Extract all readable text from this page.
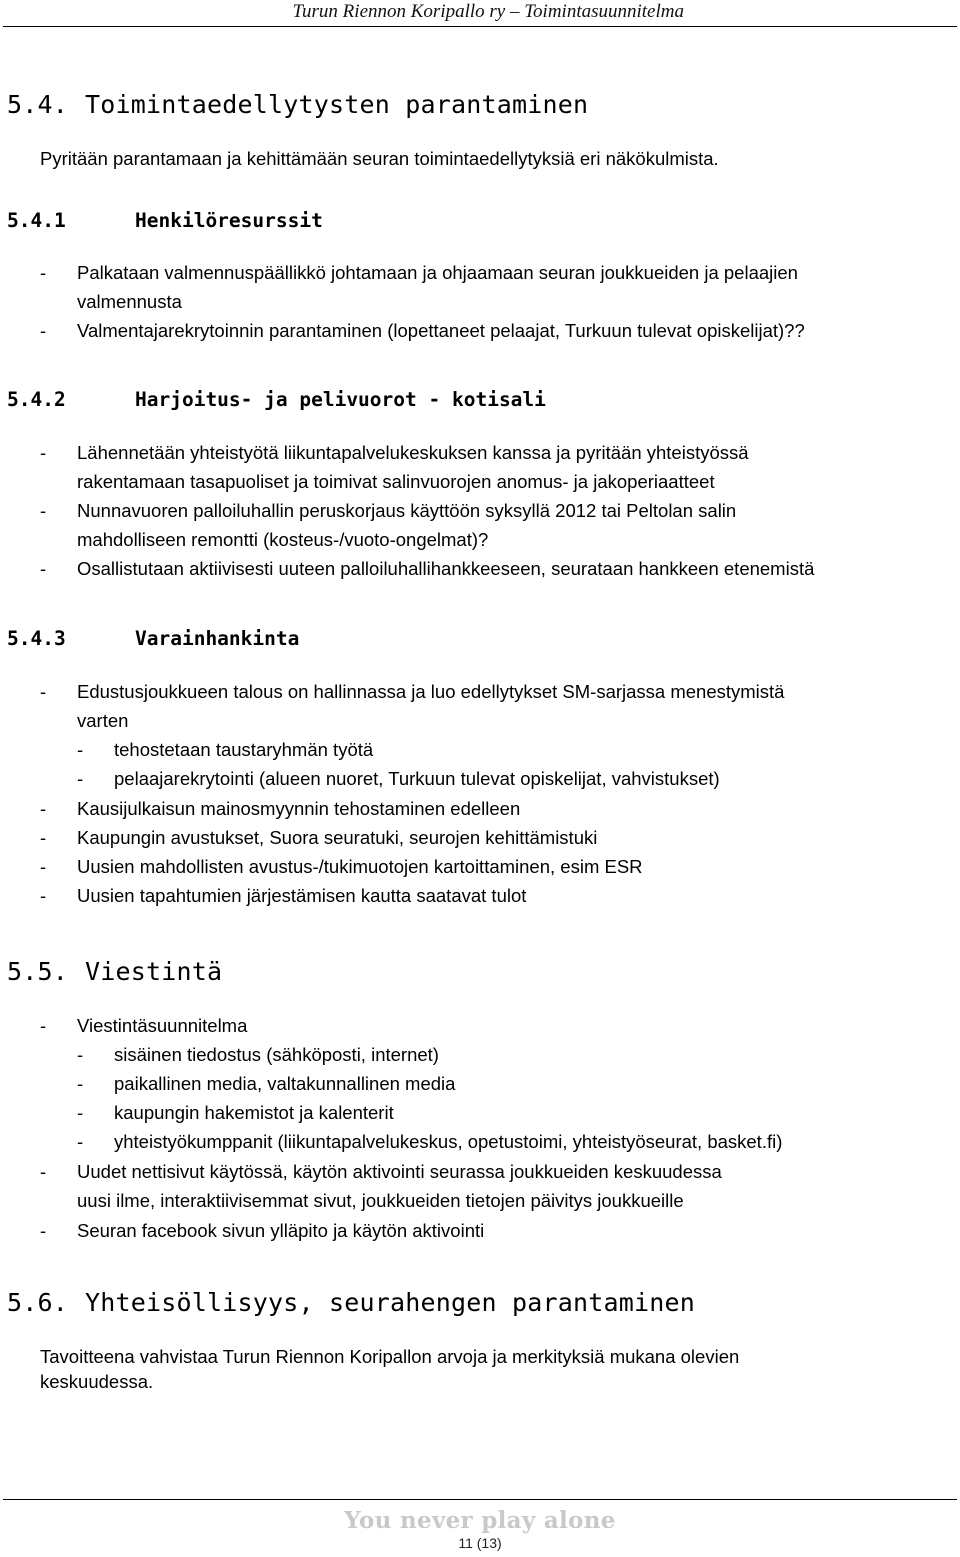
Turun Riennon Koripallo ry – Toimintasuunnitelma
5.4. Toimintaedellytysten parantaminen
Pyritään parantamaan ja kehittämään seuran toimintaedellytyksiä eri näkökulmista.
5.4.1	Henkilöresurssit
- Palkataan valmennuspäällikkö johtamaan ja ohjaamaan seuran joukkueiden ja pelaajien
valmennusta
- Valmentajarekrytoinnin parantaminen (lopettaneet pelaajat, Turkuun tulevat opiskelijat)??
5.4.2	Harjoitus- ja pelivuorot - kotisali
- Lähennetään yhteistyötä liikuntapalvelukeskuksen kanssa ja pyritään yhteistyössä
rakentamaan tasapuoliset ja toimivat salinvuorojen anomus- ja jakoperiaatteet
- Nunnavuoren palloiluhallin peruskorjaus käyttöön syksyllä 2012 tai Peltolan salin
mahdolliseen remontti (kosteus-/vuoto-ongelmat)?
- Osallistutaan aktiivisesti uuteen palloiluhallihankkeeseen, seurataan hankkeen etenemistä
5.4.3	Varainhankinta
- Edustusjoukkueen talous on hallinnassa ja luo edellytykset SM-sarjassa menestymistä
varten
- tehostetaan taustaryhmän työtä
- pelaajarekrytointi (alueen nuoret, Turkuun tulevat opiskelijat, vahvistukset)
- Kausijulkaisun mainosmyynnin tehostaminen edelleen
- Kaupungin avustukset, Suora seuratuki, seurojen kehittämistuki
- Uusien mahdollisten avustus-/tukimuotojen kartoittaminen, esim ESR
- Uusien tapahtumien järjestämisen kautta saatavat tulot
5.5. Viestintä
- Viestintäsuunnitelma
- sisäinen tiedostus (sähköposti, internet)
- paikallinen media, valtakunnallinen media
- kaupungin hakemistot ja kalenterit
- yhteistyökumppanit (liikuntapalvelukeskus, opetustoimi, yhteistyöseurat, basket.fi)
- Uudet nettisivut käytössä, käytön aktivointi seurassa joukkueiden keskuudessa
uusi ilme, interaktiivisemmat sivut, joukkueiden tietojen päivitys joukkueille
- Seuran facebook sivun ylläpito ja käytön aktivointi
5.6. Yhteisöllisyys, seurahengen parantaminen
Tavoitteena vahvistaa Turun Riennon Koripallon arvoja ja merkityksiä mukana olevien
keskuudessa.
You never play alone
11 (13)
